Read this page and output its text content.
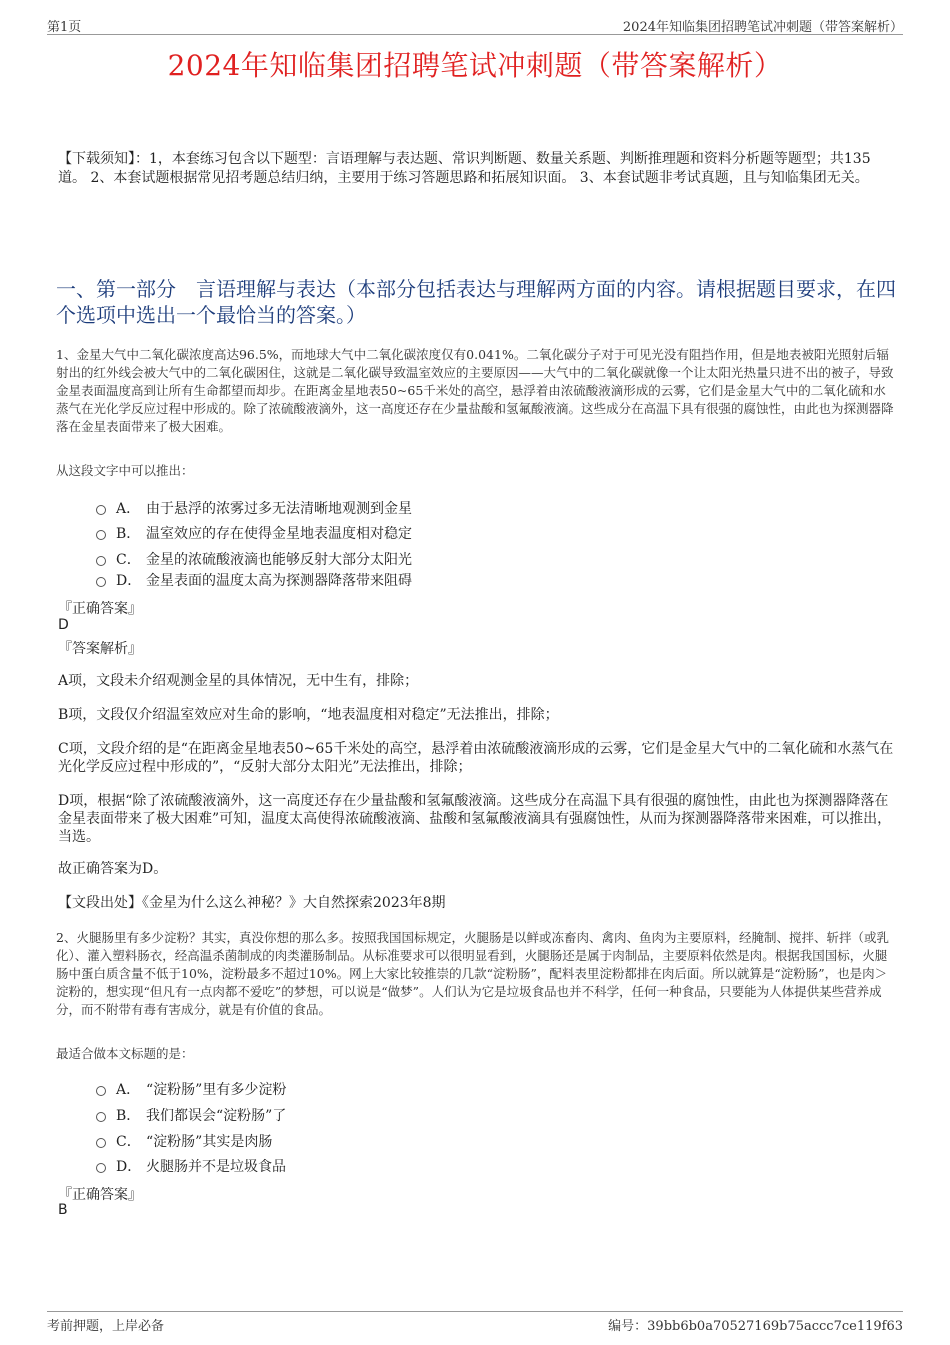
第1页	2024年知临集团招聘笔试冲刺题（带答案解析）
2024年知临集团招聘笔试冲刺题（带答案解析）
【下载须知】：1，本套练习包含以下题型：言语理解与表达题、常识判断题、数量关系题、判断推理题和资料分析题等题型；共135道。 2、本套试题根据常见招考题总结归纳，主要用于练习答题思路和拓展知识面。 3、本套试题非考试真题，且与知临集团无关。
一、第一部分　言语理解与表达（本部分包括表达与理解两方面的内容。请根据题目要求，在四个选项中选出一个最恰当的答案。）
1、金星大气中二氧化碳浓度高达96.5%，而地球大气中二氧化碳浓度仅有0.041%。二氧化碳分子对于可见光没有阻挡作用，但是地表被阳光照射后辐射出的红外线会被大气中的二氧化碳困住，这就是二氧化碳导致温室效应的主要原因——大气中的二氧化碳就像一个让太阳光热量只进不出的被子，导致金星表面温度高到让所有生命都望而却步。在距离金星地表50~65千米处的高空，悬浮着由浓硫酸液滴形成的云雾，它们是金星大气中的二氧化硫和水蒸气在光化学反应过程中形成的。除了浓硫酸液滴外，这一高度还存在少量盐酸和氢氟酸液滴。这些成分在高温下具有很强的腐蚀性，由此也为探测器降落在金星表面带来了极大困难。
从这段文字中可以推出：
A． 由于悬浮的浓雾过多无法清晰地观测到金星
B． 温室效应的存在使得金星地表温度相对稳定
C． 金星的浓硫酸液滴也能够反射大部分太阳光
D． 金星表面的温度太高为探测器降落带来阻碍
『正确答案』
D
『答案解析』
A项，文段未介绍观测金星的具体情况，无中生有，排除；
B项，文段仅介绍温室效应对生命的影响，“地表温度相对稳定”无法推出，排除；
C项，文段介绍的是“在距离金星地表50~65千米处的高空，悬浮着由浓硫酸液滴形成的云雾，它们是金星大气中的二氧化硫和水蒸气在光化学反应过程中形成的”，“反射大部分太阳光”无法推出，排除；
D项，根据“除了浓硫酸液滴外，这一高度还存在少量盐酸和氢氟酸液滴。这些成分在高温下具有很强的腐蚀性，由此也为探测器降落在金星表面带来了极大困难”可知，温度太高使得浓硫酸液滴、盐酸和氢氟酸液滴具有强腐蚀性，从而为探测器降落带来困难，可以推出，当选。
故正确答案为D。
【文段出处】《金星为什么这么神秘？》大自然探索2023年8期
2、火腿肠里有多少淀粉？其实，真没你想的那么多。按照我国国标规定，火腿肠是以鲜或冻畜肉、禽肉、鱼肉为主要原料，经腌制、搅拌、斩拌（或乳化）、灌入塑料肠衣，经高温杀菌制成的肉类灌肠制品。从标准要求可以很明显看到，火腿肠还是属于肉制品，主要原料依然是肉。根据我国国标，火腿肠中蛋白质含量不低于10%，淀粉最多不超过10%。网上大家比较推崇的几款“淀粉肠”，配料表里淀粉都排在肉后面。所以就算是“淀粉肠”，也是肉＞淀粉的，想实现“但凡有一点肉都不爱吃”的梦想，可以说是“做梦”。人们认为它是垃圾食品也并不科学，任何一种食品，只要能为人体提供某些营养成分，而不附带有毒有害成分，就是有价值的食品。
最适合做本文标题的是：
A． “淀粉肠”里有多少淀粉
B． 我们都误会“淀粉肠”了
C． “淀粉肠”其实是肉肠
D． 火腿肠并不是垃圾食品
『正确答案』
B
考前押题，上岸必备	编号：39bb6b0a70527169b75accc7ce119f63
